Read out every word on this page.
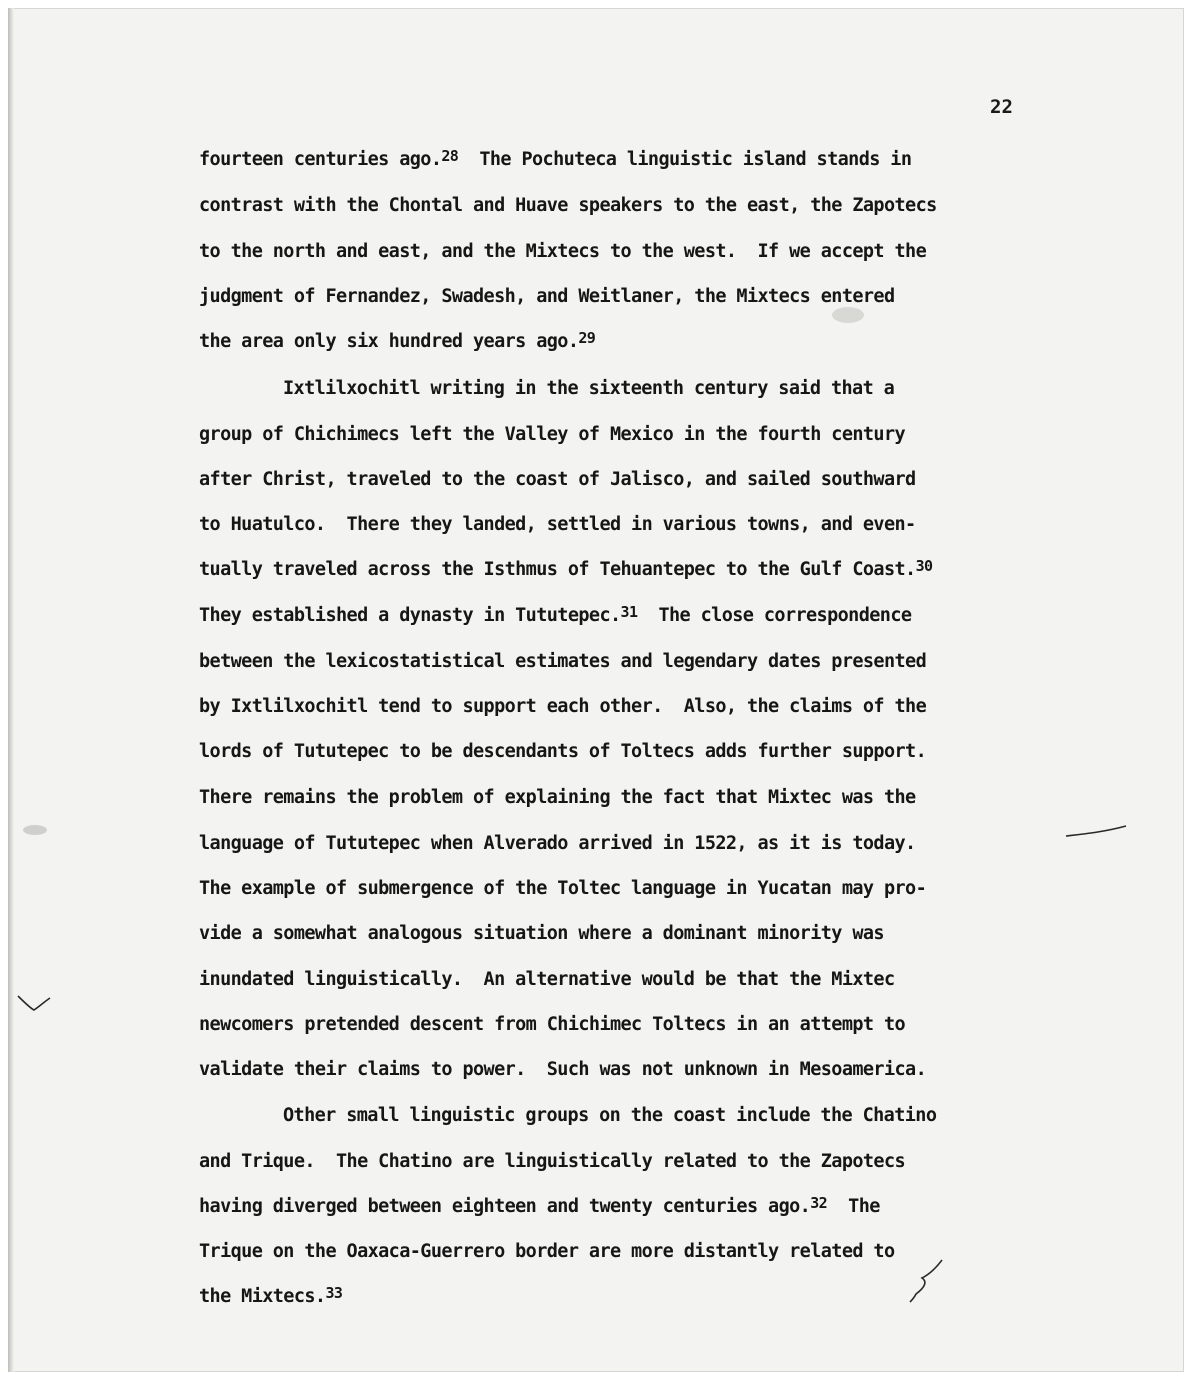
22
fourteen centuries ago.$^{28}$  The Pochuteca linguistic island stands in
contrast with the Chontal and Huave speakers to the east, the Zapotecs
to the north and east, and the Mixtecs to the west.  If we accept the
judgment of Fernandez, Swadesh, and Weitlaner, the Mixtecs entered
the area only six hundred years ago.$^{29}$
Ixtlilxochitl writing in the sixteenth century said that a
group of Chichimecs left the Valley of Mexico in the fourth century
after Christ, traveled to the coast of Jalisco, and sailed southward
to Huatulco.  There they landed, settled in various towns, and even-
tually traveled across the Isthmus of Tehuantepec to the Gulf Coast.$^{30}$
They established a dynasty in Tututepec.$^{31}$  The close correspondence
between the lexicostatistical estimates and legendary dates presented
by Ixtlilxochitl tend to support each other.  Also, the claims of the
lords of Tututepec to be descendants of Toltecs adds further support.
There remains the problem of explaining the fact that Mixtec was the
language of Tututepec when Alverado arrived in 1522, as it is today.
The example of submergence of the Toltec language in Yucatan may pro-
vide a somewhat analogous situation where a dominant minority was
inundated linguistically.  An alternative would be that the Mixtec
newcomers pretended descent from Chichimec Toltecs in an attempt to
validate their claims to power.  Such was not unknown in Mesoamerica.
Other small linguistic groups on the coast include the Chatino
and Trique.  The Chatino are linguistically related to the Zapotecs
having diverged between eighteen and twenty centuries ago.$^{32}$  The
Trique on the Oaxaca-Guerrero border are more distantly related to
the Mixtecs.$^{33}$
